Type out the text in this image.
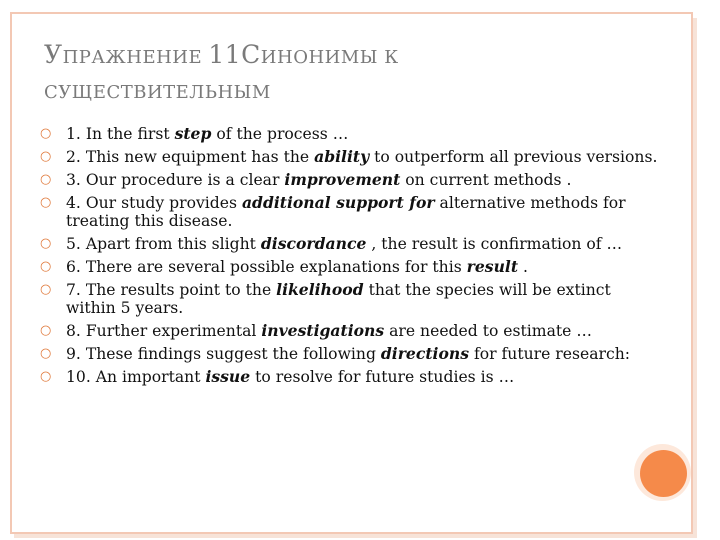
УПРАЖНЕНИЕ 11СИНОНИМЫ К
СУЩЕСТВИТЕЛЬНЫМ
○ 1. In the first step of the process …
○ 2. This new equipment has the ability to outperform all previous versions.
○ 3. Our procedure is a clear improvement on current methods .
○ 4. Our study provides additional support for alternative methods for treating this disease.
○ 5. Apart from this slight discordance , the result is confirmation of …
○ 6. There are several possible explanations for this result .
○ 7. The results point to the likelihood that the species will be extinct within 5 years.
○ 8. Further experimental investigations are needed to estimate …
○ 9. These findings suggest the following directions for future research:
○ 10. An important issue to resolve for future studies is …
